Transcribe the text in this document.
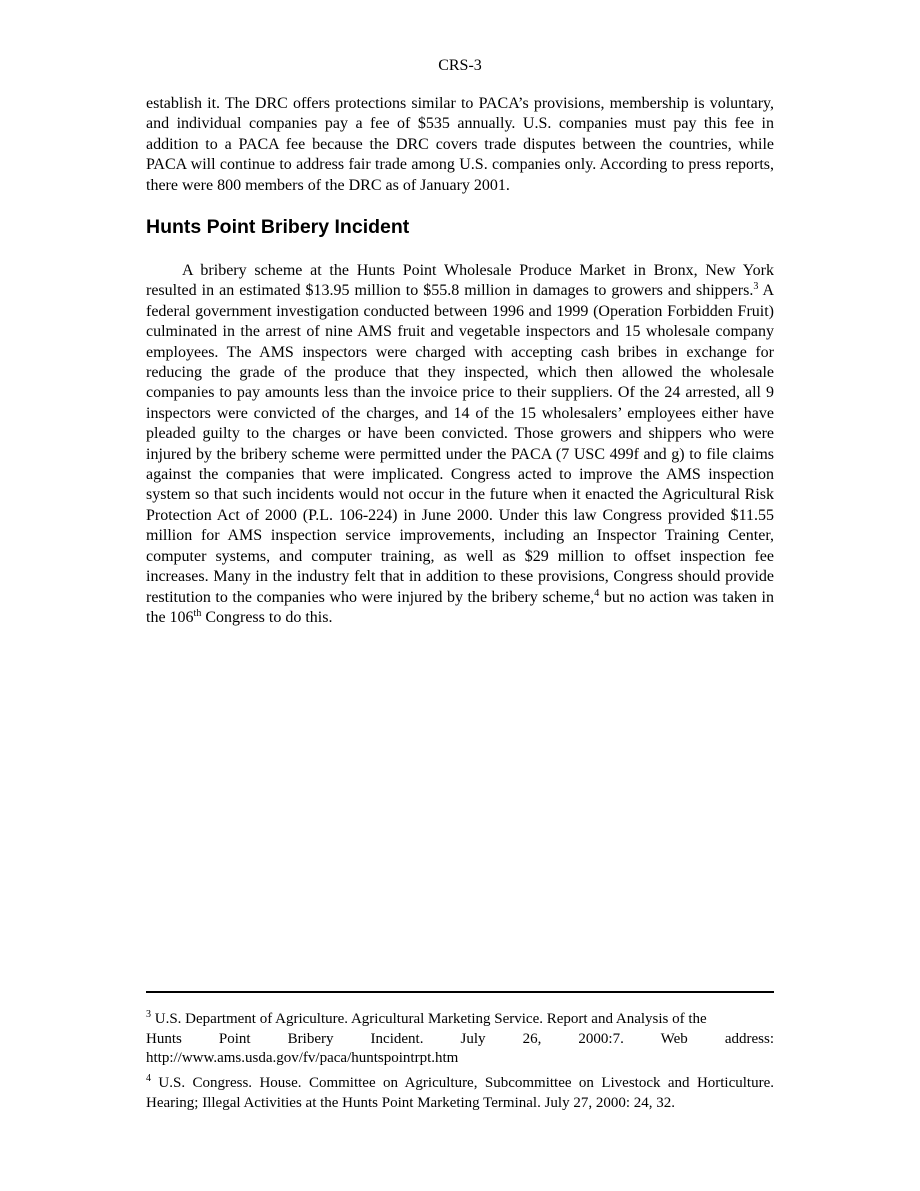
CRS-3

establish it. The DRC offers protections similar to PACA’s provisions, membership is voluntary, and individual companies pay a fee of $535 annually. U.S. companies must pay this fee in addition to a PACA fee because the DRC covers trade disputes between the countries, while PACA will continue to address fair trade among U.S. companies only. According to press reports, there were 800 members of the DRC as of January 2001.

Hunts Point Bribery Incident

A bribery scheme at the Hunts Point Wholesale Produce Market in Bronx, New York resulted in an estimated $13.95 million to $55.8 million in damages to growers and shippers.$^3$ A federal government investigation conducted between 1996 and 1999 (Operation Forbidden Fruit) culminated in the arrest of nine AMS fruit and vegetable inspectors and 15 wholesale company employees. The AMS inspectors were charged with accepting cash bribes in exchange for reducing the grade of the produce that they inspected, which then allowed the wholesale companies to pay amounts less than the invoice price to their suppliers. Of the 24 arrested, all 9 inspectors were convicted of the charges, and 14 of the 15 wholesalers’ employees either have pleaded guilty to the charges or have been convicted. Those growers and shippers who were injured by the bribery scheme were permitted under the PACA (7 USC 499f and g) to file claims against the companies that were implicated. Congress acted to improve the AMS inspection system so that such incidents would not occur in the future when it enacted the Agricultural Risk Protection Act of 2000 (P.L. 106-224) in June 2000. Under this law Congress provided $11.55 million for AMS inspection service improvements, including an Inspector Training Center, computer systems, and computer training, as well as $29 million to offset inspection fee increases. Many in the industry felt that in addition to these provisions, Congress should provide restitution to the companies who were injured by the bribery scheme,$^4$ but no action was taken in the 106th Congress to do this.

$^3$ U.S. Department of Agriculture. Agricultural Marketing Service. Report and Analysis of the
Hunts Point Bribery Incident. July 26, 2000:7. Web address:
http://www.ams.usda.gov/fv/paca/huntspointrpt.htm

$^4$ U.S. Congress. House. Committee on Agriculture, Subcommittee on Livestock and Horticulture. Hearing; Illegal Activities at the Hunts Point Marketing Terminal. July 27, 2000: 24, 32.
